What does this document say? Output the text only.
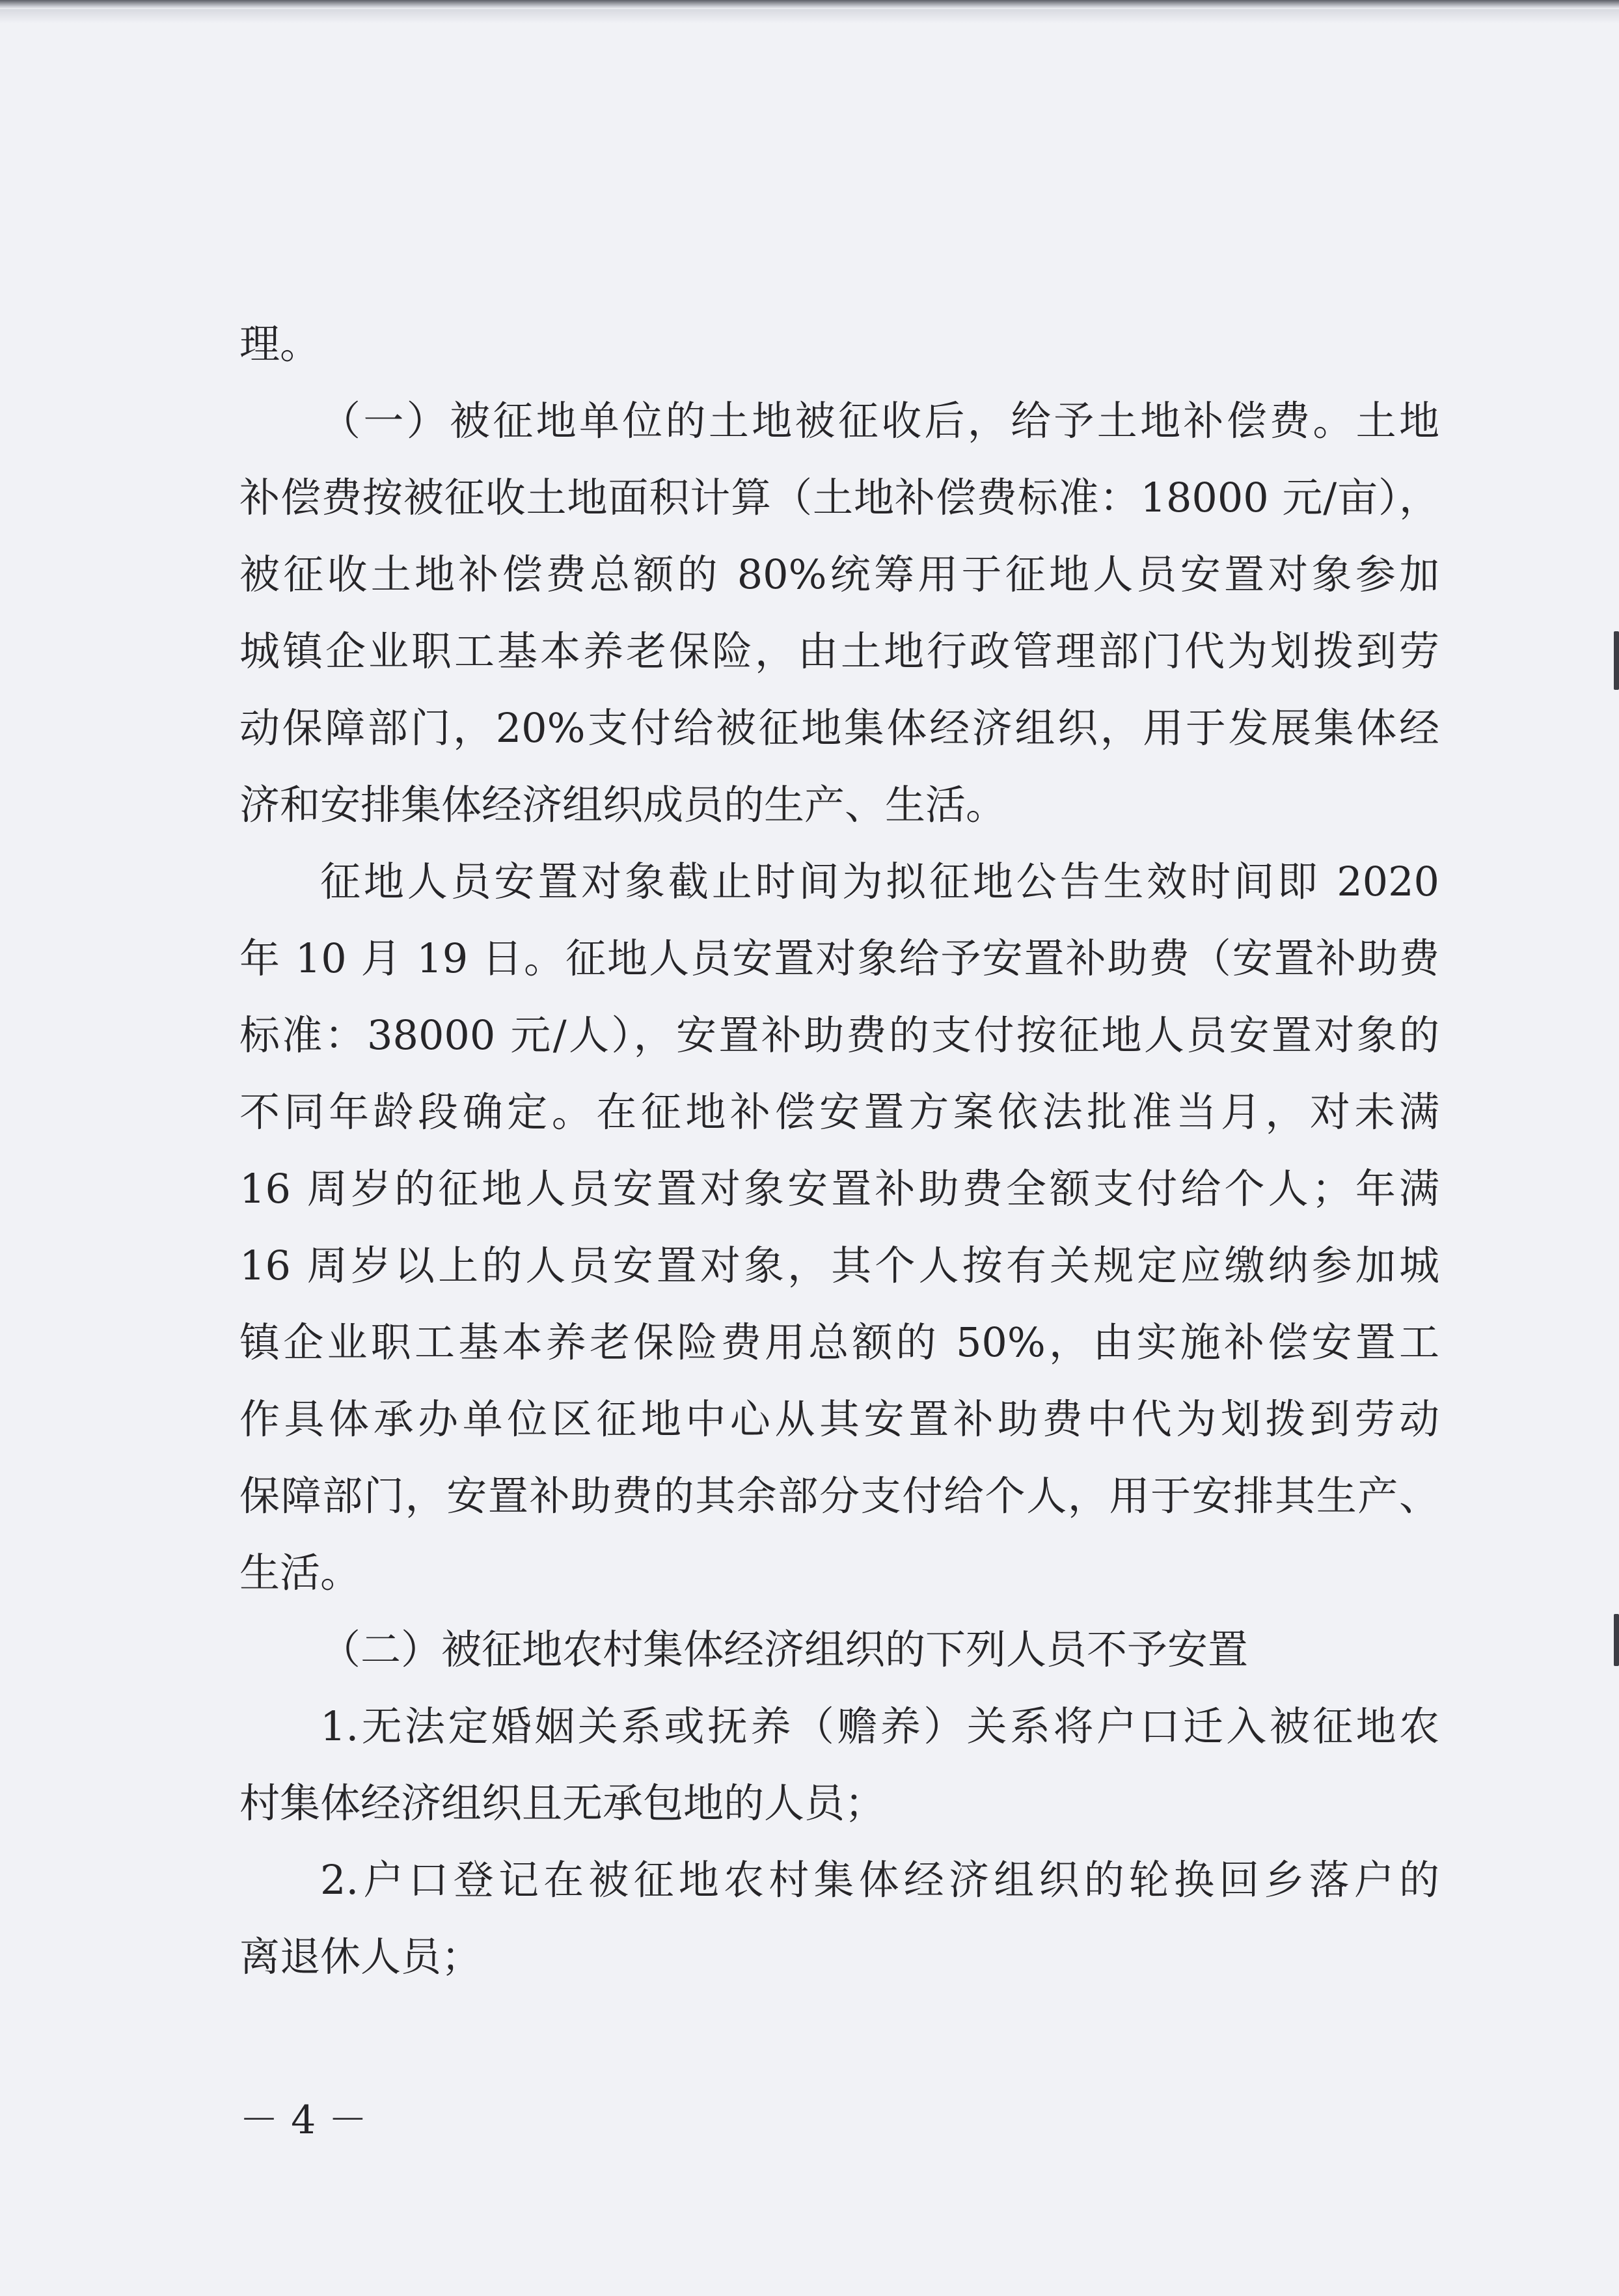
理。
（一）被征地单位的土地被征收后，给予土地补偿费。土地
补偿费按被征收土地面积计算（土地补偿费标准：18000 元/亩），
被征收土地补偿费总额的 80%统筹用于征地人员安置对象参加
城镇企业职工基本养老保险，由土地行政管理部门代为划拨到劳
动保障部门，20%支付给被征地集体经济组织，用于发展集体经
济和安排集体经济组织成员的生产、生活。
征地人员安置对象截止时间为拟征地公告生效时间即 2020
年 10 月 19 日。征地人员安置对象给予安置补助费（安置补助费
标准：38000 元/人），安置补助费的支付按征地人员安置对象的
不同年龄段确定。在征地补偿安置方案依法批准当月，对未满
16 周岁的征地人员安置对象安置补助费全额支付给个人；年满
16 周岁以上的人员安置对象，其个人按有关规定应缴纳参加城
镇企业职工基本养老保险费用总额的 50%，由实施补偿安置工
作具体承办单位区征地中心从其安置补助费中代为划拨到劳动
保障部门，安置补助费的其余部分支付给个人，用于安排其生产、
生活。
（二）被征地农村集体经济组织的下列人员不予安置
1.无法定婚姻关系或抚养（赡养）关系将户口迁入被征地农
村集体经济组织且无承包地的人员；
2.户口登记在被征地农村集体经济组织的轮换回乡落户的
离退休人员；
－ 4 －
